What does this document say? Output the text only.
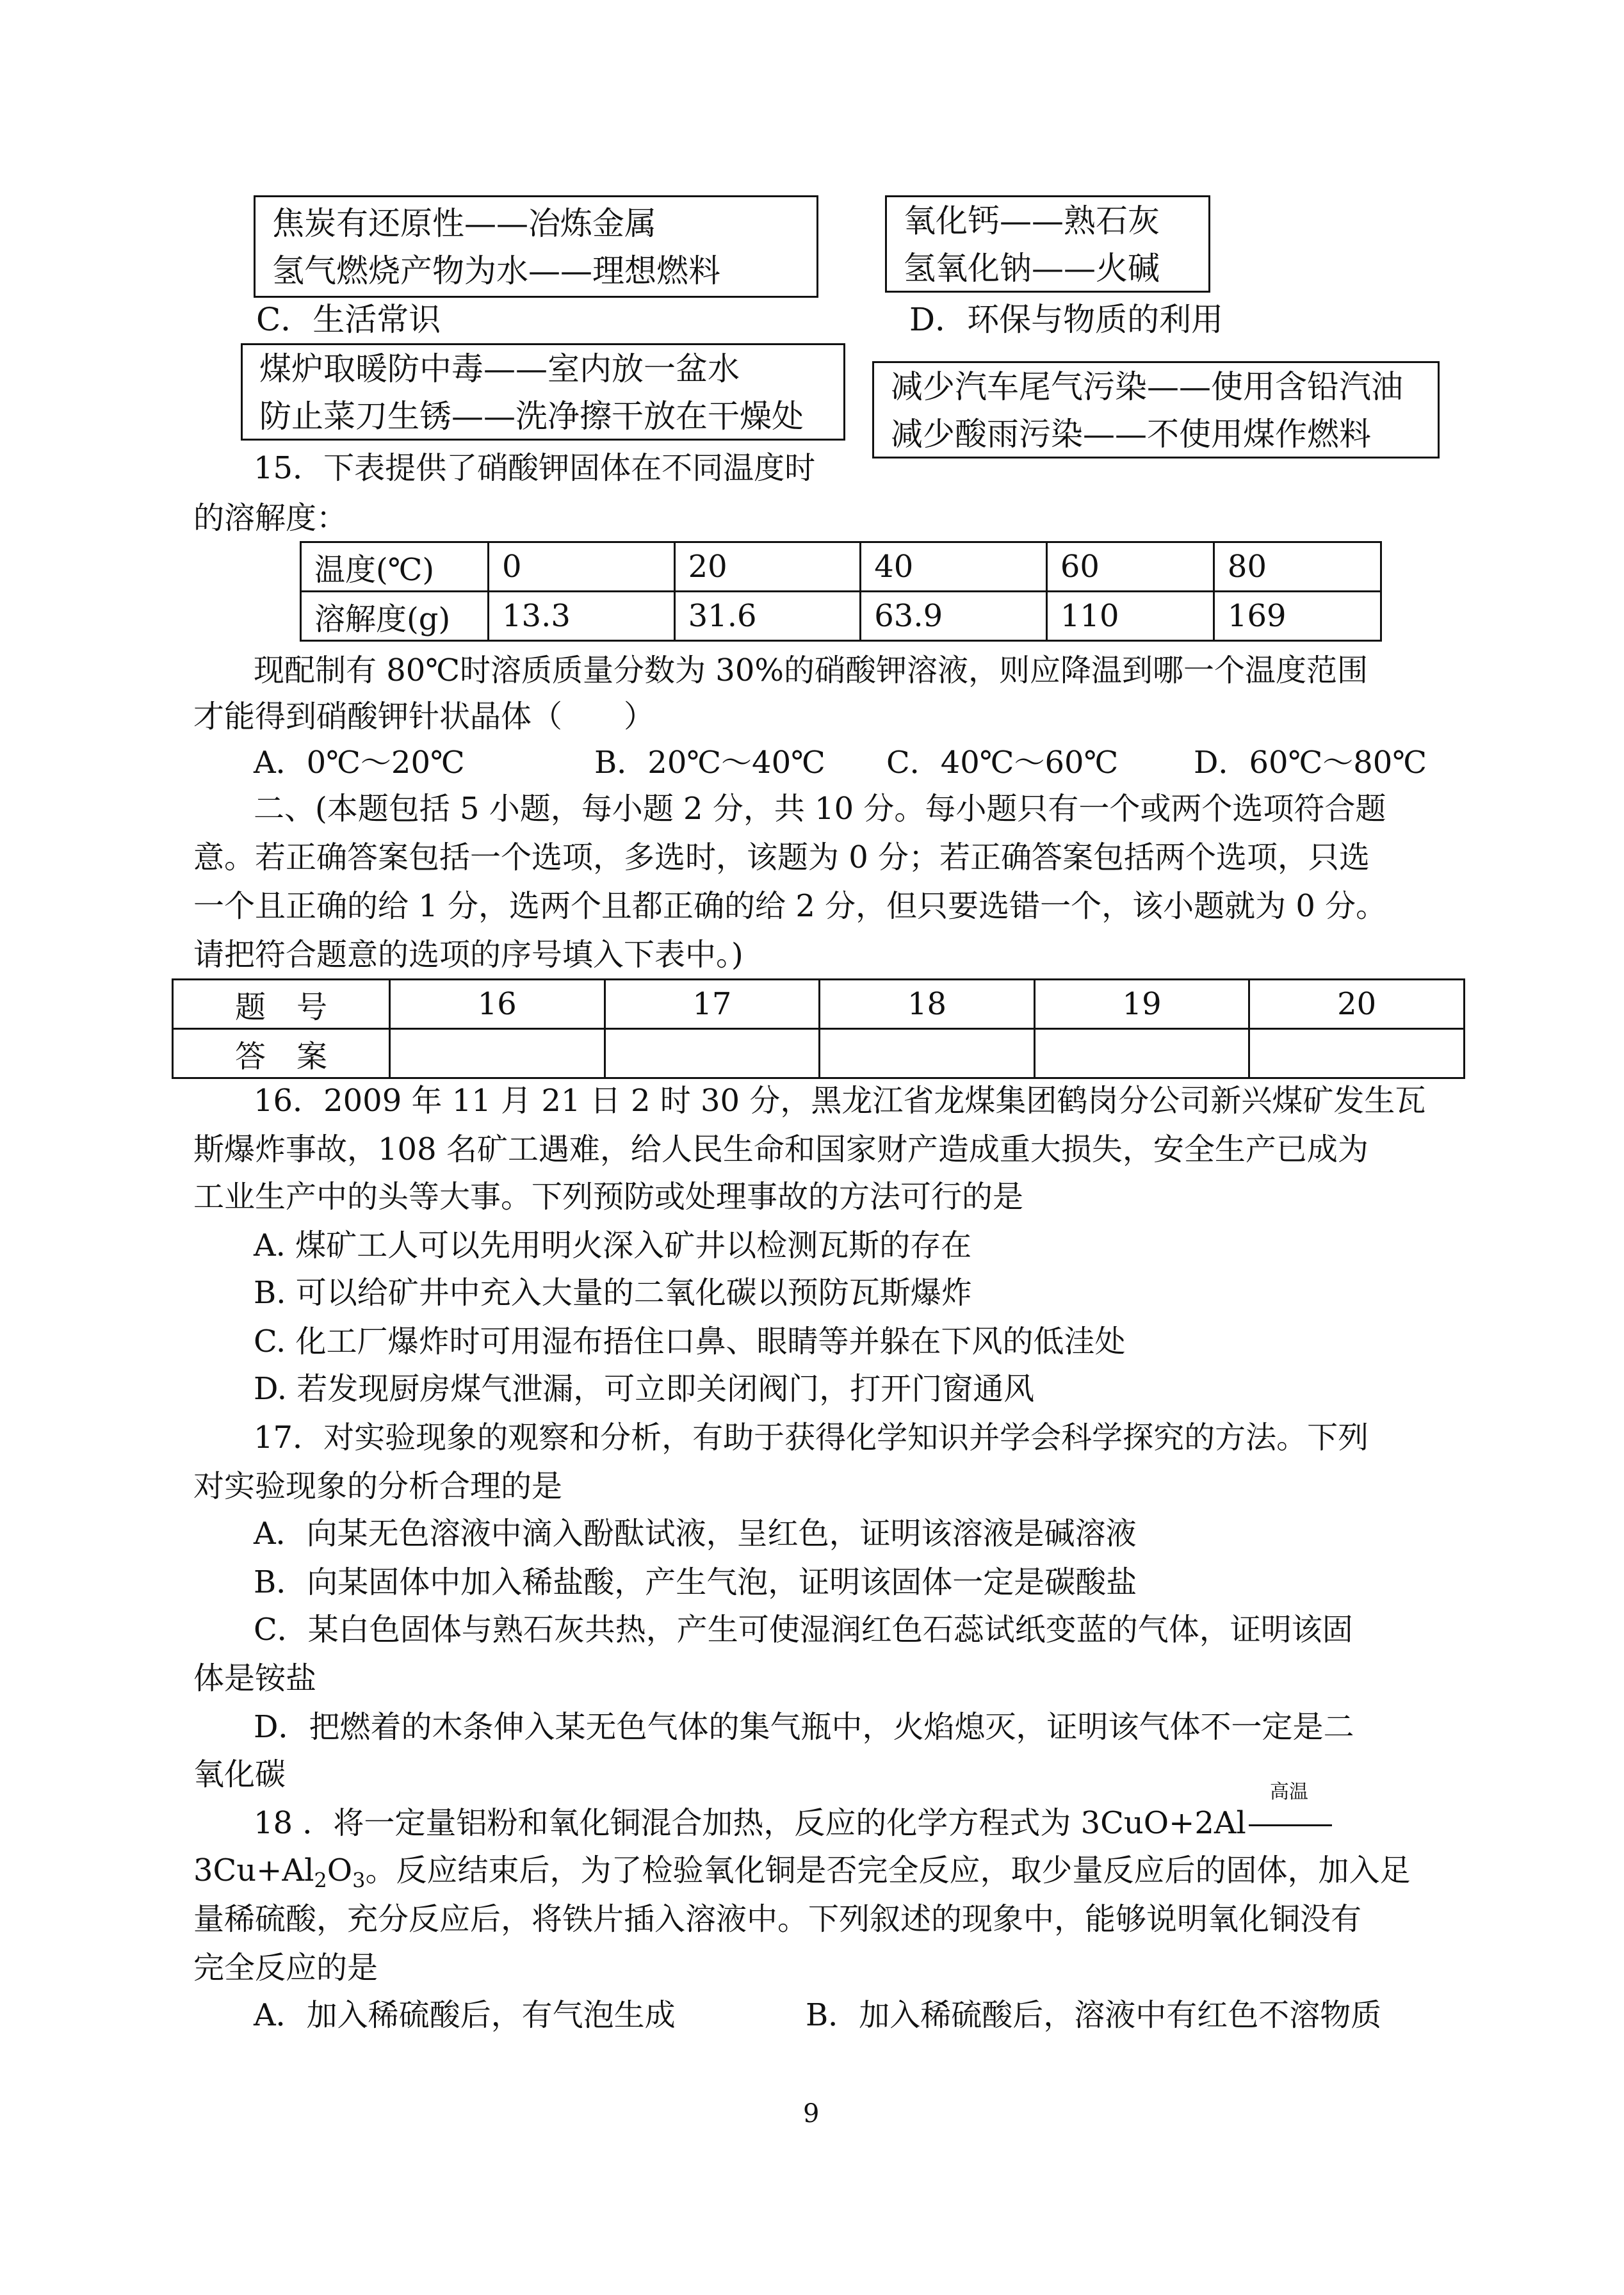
焦炭有还原性——冶炼金属
氢气燃烧产物为水——理想燃料
氧化钙——熟石灰
氢氧化钠——火碱
C．生活常识	D．环保与物质的利用
煤炉取暖防中毒——室内放一盆水
防止菜刀生锈——洗净擦干放在干燥处
减少汽车尾气污染——使用含铅汽油
减少酸雨污染——不使用煤作燃料
15．下表提供了硝酸钾固体在不同温度时
的溶解度：
温度(℃)	0	20	40	60	80
溶解度(g)	13.3	31.6	63.9	110	169
现配制有 80℃时溶质质量分数为 30%的硝酸钾溶液，则应降温到哪一个温度范围
才能得到硝酸钾针状晶体（　　）
A．0℃～20℃	B．20℃～40℃ C．40℃～60℃ D．60℃～80℃
二、(本题包括 5 小题，每小题 2 分，共 10 分。每小题只有一个或两个选项符合题
意。若正确答案包括一个选项，多选时，该题为 0 分；若正确答案包括两个选项，只选
一个且正确的给 1 分，选两个且都正确的给 2 分，但只要选错一个，该小题就为 0 分。
请把符合题意的选项的序号填入下表中。)
题　号	16	17	18	19	20
答　案					
16．2009 年 11 月 21 日 2 时 30 分，黑龙江省龙煤集团鹤岗分公司新兴煤矿发生瓦
斯爆炸事故，108 名矿工遇难，给人民生命和国家财产造成重大损失，安全生产已成为
工业生产中的头等大事。下列预防或处理事故的方法可行的是
A. 煤矿工人可以先用明火深入矿井以检测瓦斯的存在
B. 可以给矿井中充入大量的二氧化碳以预防瓦斯爆炸
C. 化工厂爆炸时可用湿布捂住口鼻、眼睛等并躲在下风的低洼处
D. 若发现厨房煤气泄漏，可立即关闭阀门，打开门窗通风
17．对实验现象的观察和分析，有助于获得化学知识并学会科学探究的方法。下列
对实验现象的分析合理的是
A．向某无色溶液中滴入酚酞试液，呈红色，证明该溶液是碱溶液
B．向某固体中加入稀盐酸，产生气泡，证明该固体一定是碳酸盐
C．某白色固体与熟石灰共热，产生可使湿润红色石蕊试纸变蓝的气体，证明该固
体是铵盐
D．把燃着的木条伸入某无色气体的集气瓶中，火焰熄灭，证明该气体不一定是二
氧化碳
18 ．将一定量铝粉和氧化铜混合加热，反应的化学方程式为 3CuO+2Al
高温
$3Cu+Al_2O_3$。反应结束后，为了检验氧化铜是否完全反应，取少量反应后的固体，加入足
量稀硫酸，充分反应后，将铁片插入溶液中。下列叙述的现象中，能够说明氧化铜没有
完全反应的是
A．加入稀硫酸后，有气泡生成	B．加入稀硫酸后，溶液中有红色不溶物质
9
